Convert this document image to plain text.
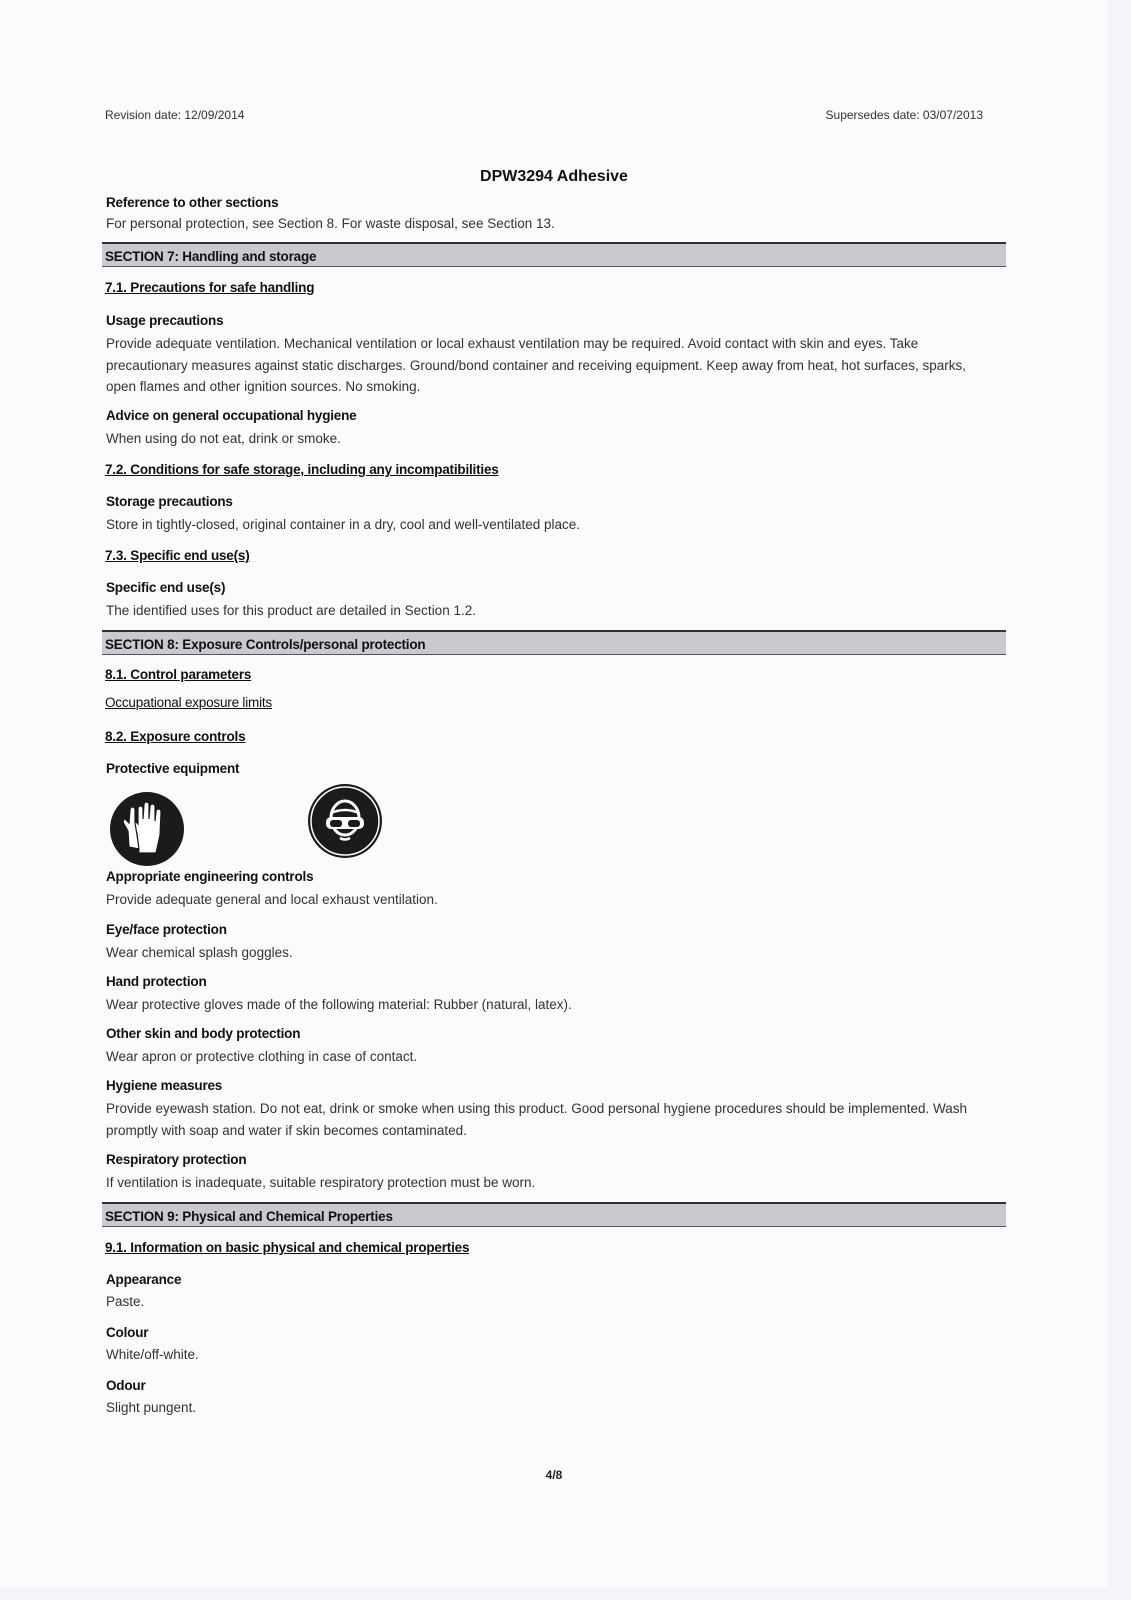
Revision date: 12/09/2014	Supersedes date: 03/07/2013
DPW3294 Adhesive
Reference to other sections
For personal protection, see Section 8. For waste disposal, see Section 13.
SECTION 7: Handling and storage
7.1. Precautions for safe handling
Usage precautions
Provide adequate ventilation. Mechanical ventilation or local exhaust ventilation may be required. Avoid contact with skin and eyes. Take precautionary measures against static discharges. Ground/bond container and receiving equipment. Keep away from heat, hot surfaces, sparks, open flames and other ignition sources. No smoking.
Advice on general occupational hygiene
When using do not eat, drink or smoke.
7.2. Conditions for safe storage, including any incompatibilities
Storage precautions
Store in tightly-closed, original container in a dry, cool and well-ventilated place.
7.3. Specific end use(s)
Specific end use(s)
The identified uses for this product are detailed in Section 1.2.
SECTION 8: Exposure Controls/personal protection
8.1. Control parameters
Occupational exposure limits
8.2. Exposure controls
Protective equipment
Appropriate engineering controls
Provide adequate general and local exhaust ventilation.
Eye/face protection
Wear chemical splash goggles.
Hand protection
Wear protective gloves made of the following material: Rubber (natural, latex).
Other skin and body protection
Wear apron or protective clothing in case of contact.
Hygiene measures
Provide eyewash station. Do not eat, drink or smoke when using this product. Good personal hygiene procedures should be implemented. Wash promptly with soap and water if skin becomes contaminated.
Respiratory protection
If ventilation is inadequate, suitable respiratory protection must be worn.
SECTION 9: Physical and Chemical Properties
9.1. Information on basic physical and chemical properties
Appearance
Paste.
Colour
White/off-white.
Odour
Slight pungent.
4/8
